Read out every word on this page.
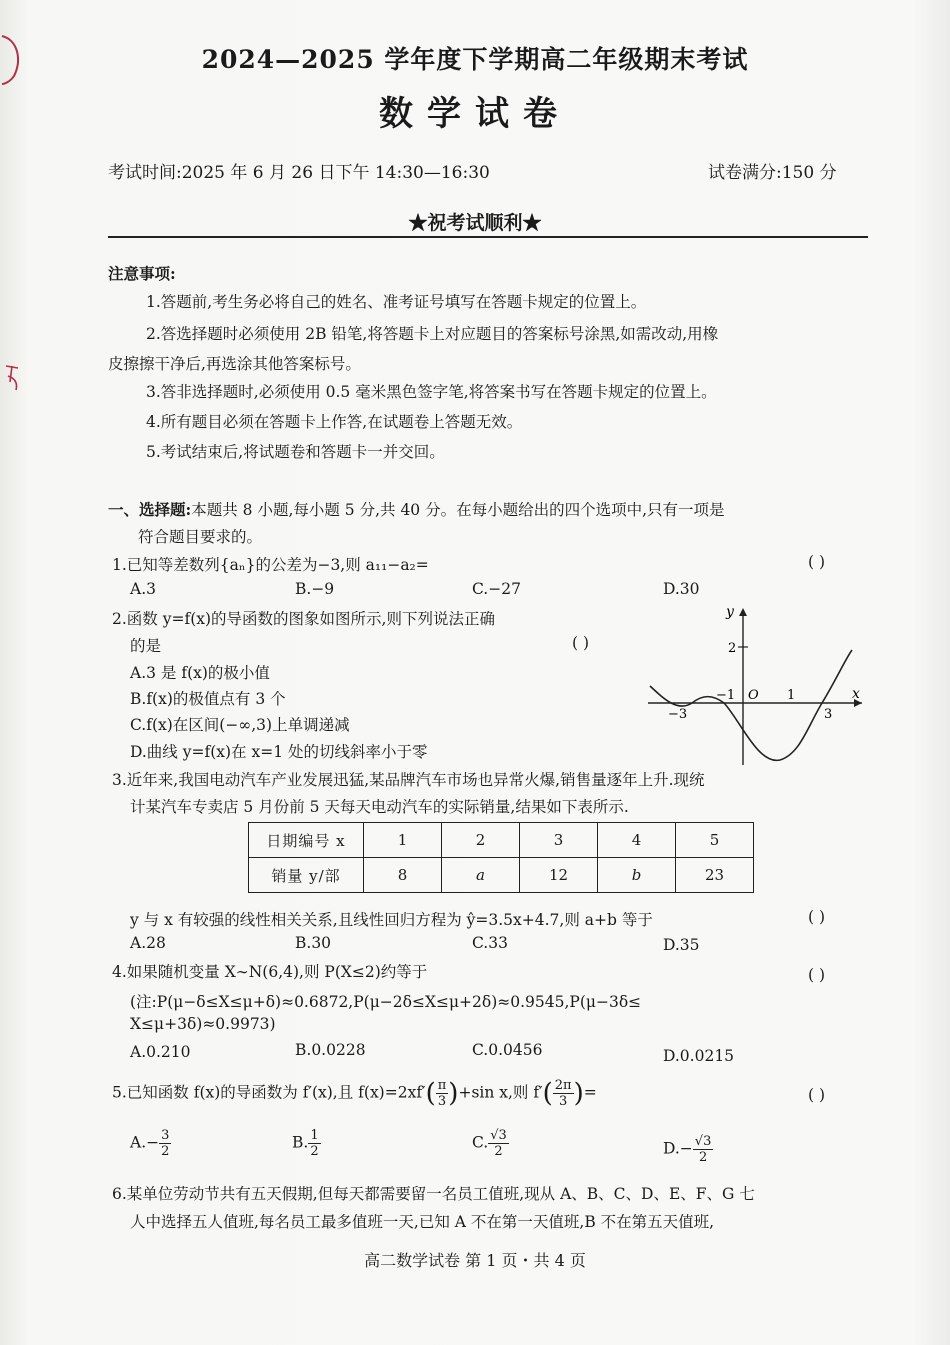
2024—2025 学年度下学期高二年级期末考试
数学试卷
考试时间:2025 年 6 月 26 日下午 14:30—16:30	试卷满分:150 分
★祝考试顺利★
注意事项:
1.答题前,考生务必将自己的姓名、准考证号填写在答题卡规定的位置上。
2.答选择题时必须使用 2B 铅笔,将答题卡上对应题目的答案标号涂黑,如需改动,用橡
皮擦擦干净后,再选涂其他答案标号。
3.答非选择题时,必须使用 0.5 毫米黑色签字笔,将答案书写在答题卡规定的位置上。
4.所有题目必须在答题卡上作答,在试题卷上答题无效。
5.考试结束后,将试题卷和答题卡一并交回。
一、选择题:本题共 8 小题,每小题 5 分,共 40 分。在每小题给出的四个选项中,只有一项是
符合题目要求的。
1.已知等差数列{aₙ}的公差为−3,则 a₁₁−a₂=	( )
A.3	B.−9	C.−27	D.30
2.函数 y=f(x)的导函数的图象如图所示,则下列说法正确
的是	( )
A.3 是 f(x)的极小值
B.f(x)的极值点有 3 个
C.f(x)在区间(−∞,3)上单调递减
D.曲线 y=f(x)在 x=1 处的切线斜率小于零
y
x
O
2
−3
−1	1
3
3.近年来,我国电动汽车产业发展迅猛,某品牌汽车市场也异常火爆,销售量逐年上升.现统
计某汽车专卖店 5 月份前 5 天每天电动汽车的实际销量,结果如下表所示.
日期编号 x	1	2	3	4	5
销量 y/部	8	a	12	b	23
y 与 x 有较强的线性相关关系,且线性回归方程为 ŷ=3.5x+4.7,则 a+b 等于	( )
A.28	B.30	C.33	D.35
4.如果随机变量 X∼N(6,4),则 P(X≤2)约等于	( )
(注:P(μ−δ≤X≤μ+δ)≈0.6872,P(μ−2δ≤X≤μ+2δ)≈0.9545,P(μ−3δ≤
X≤μ+3δ)≈0.9973)
A.0.210	B.0.0228	C.0.0456	D.0.0215
5.已知函数 f(x)的导函数为 f′(x),且 $f(x)=2xf'( \frac{\pi}{3} )+\sin$ x,则 $f'( \frac{2\pi}{3}$ )=	( )
$A.- \frac{3}{2}$	B. $\frac{1}{2}$	C. $\frac{√3}{2}$	$D.- \frac{√3}{2}$
6.某单位劳动节共有五天假期,但每天都需要留一名员工值班,现从 A、B、C、D、E、F、G 七
人中选择五人值班,每名员工最多值班一天,已知 A 不在第一天值班,B 不在第五天值班,
高二数学试卷 第 1 页・共 4 页
